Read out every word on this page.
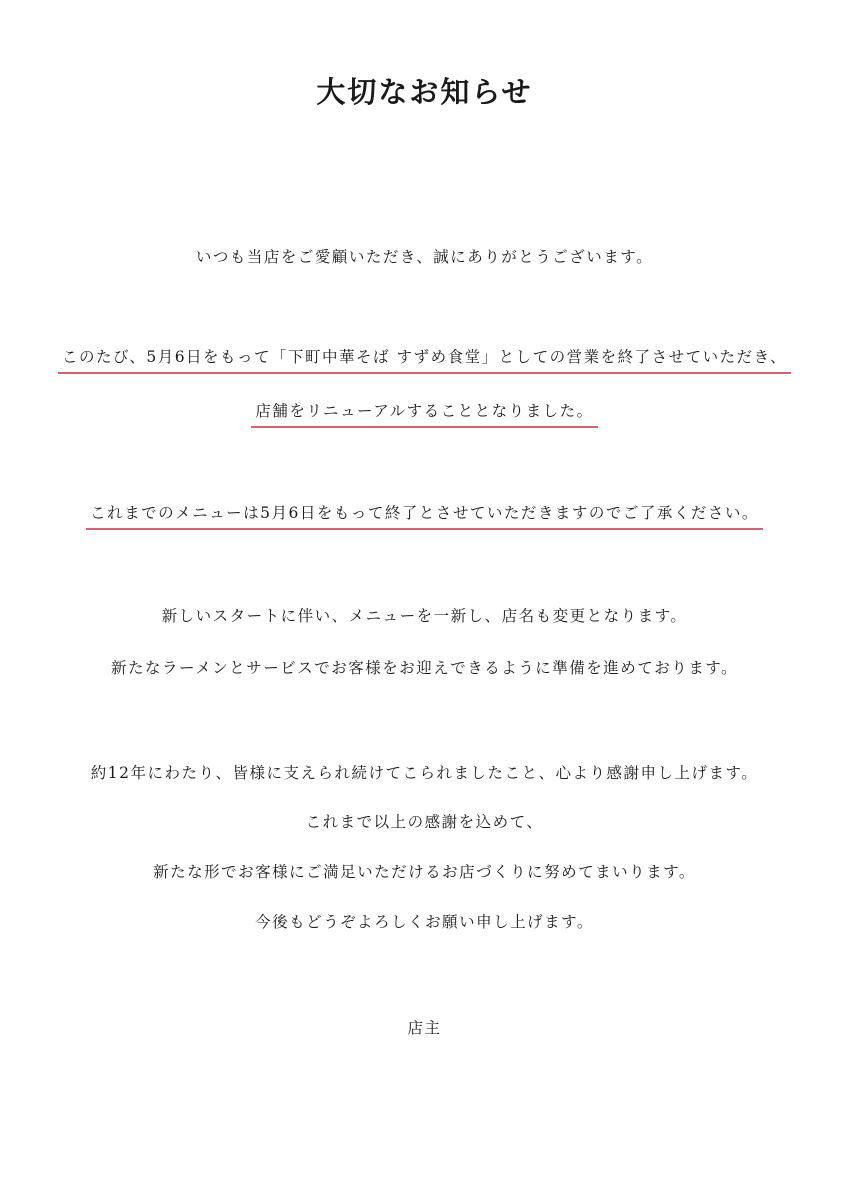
大切なお知らせ
いつも当店をご愛顧いただき、誠にありがとうございます。
このたび、5月6日をもって「下町中華そば すずめ食堂」としての営業を終了させていただき、
店舗をリニューアルすることとなりました。
これまでのメニューは5月6日をもって終了とさせていただきますのでご了承ください。
新しいスタートに伴い、メニューを一新し、店名も変更となります。
新たなラーメンとサービスでお客様をお迎えできるように準備を進めております。
約12年にわたり、皆様に支えられ続けてこられましたこと、心より感謝申し上げます。
これまで以上の感謝を込めて、
新たな形でお客様にご満足いただけるお店づくりに努めてまいります。
今後もどうぞよろしくお願い申し上げます。
店主
